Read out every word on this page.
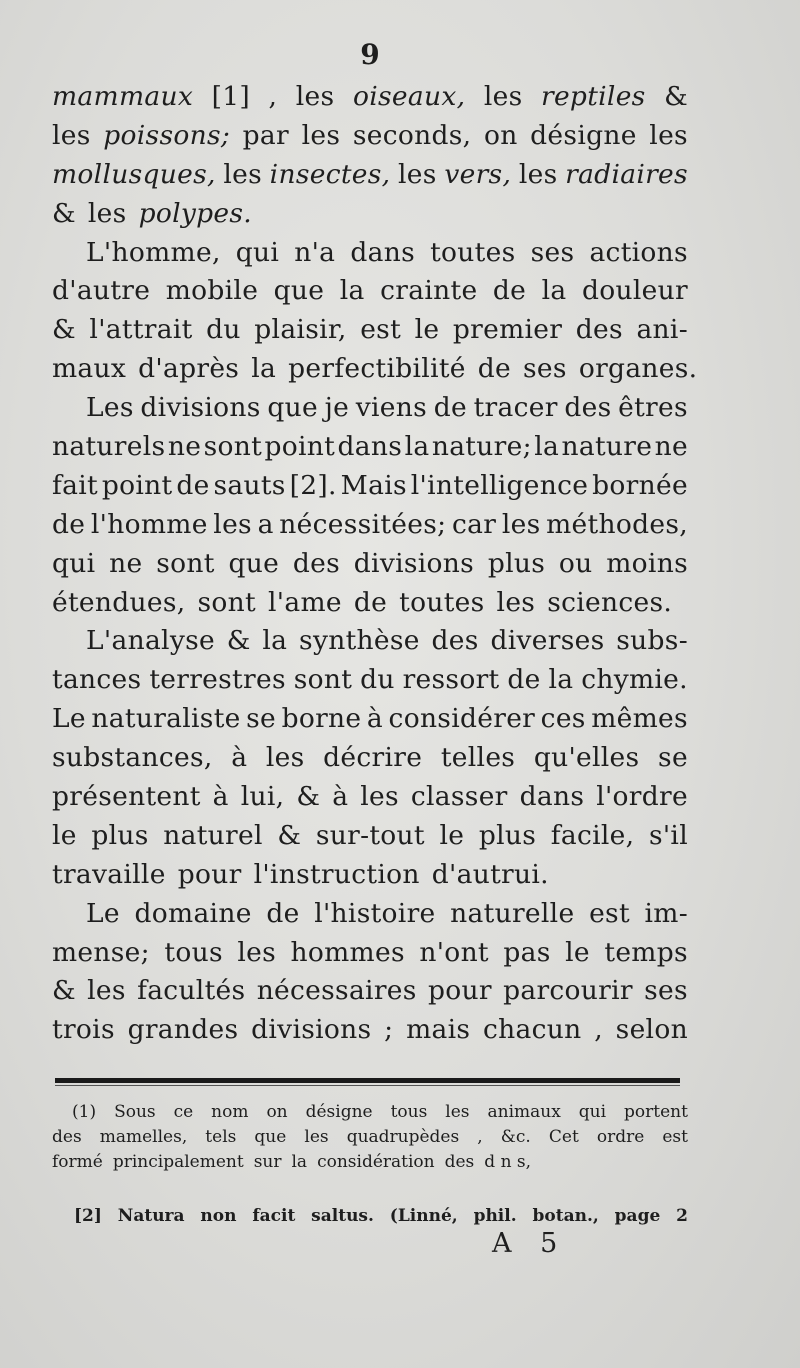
9
mammaux [1] , les oiseaux, les reptiles &
les poissons; par les seconds, on désigne les
mollusques, les insectes, les vers, les radiaires
& les polypes.
L'homme, qui n'a dans toutes ses actions
d'autre mobile que la crainte de la douleur
& l'attrait du plaisir, est le premier des ani-
maux d'après la perfectibilité de ses organes.
Les divisions que je viens de tracer des êtres
naturels ne sont point dans la nature; la nature ne
fait point de sauts [2]. Mais l'intelligence bornée
de l'homme les a nécessitées; car les méthodes,
qui ne sont que des divisions plus ou moins
étendues, sont l'ame de toutes les sciences.
L'analyse & la synthèse des diverses subs-
tances terrestres sont du ressort de la chymie.
Le naturaliste se borne à considérer ces mêmes
substances, à les décrire telles qu'elles se
présentent à lui, & à les classer dans l'ordre
le plus naturel & sur-tout le plus facile, s'il
travaille pour l'instruction d'autrui.
Le domaine de l'histoire naturelle est im-
mense; tous les hommes n'ont pas le temps
& les facultés nécessaires pour parcourir ses
trois grandes divisions ; mais chacun , selon
(1) Sous ce nom on désigne tous les animaux qui portent
des mamelles, tels que les quadrupèdes , &c. Cet ordre est
formé principalement sur la considération des d n s,
[2] Natura non facit saltus. (Linné, phil. botan., page 2
A 5
